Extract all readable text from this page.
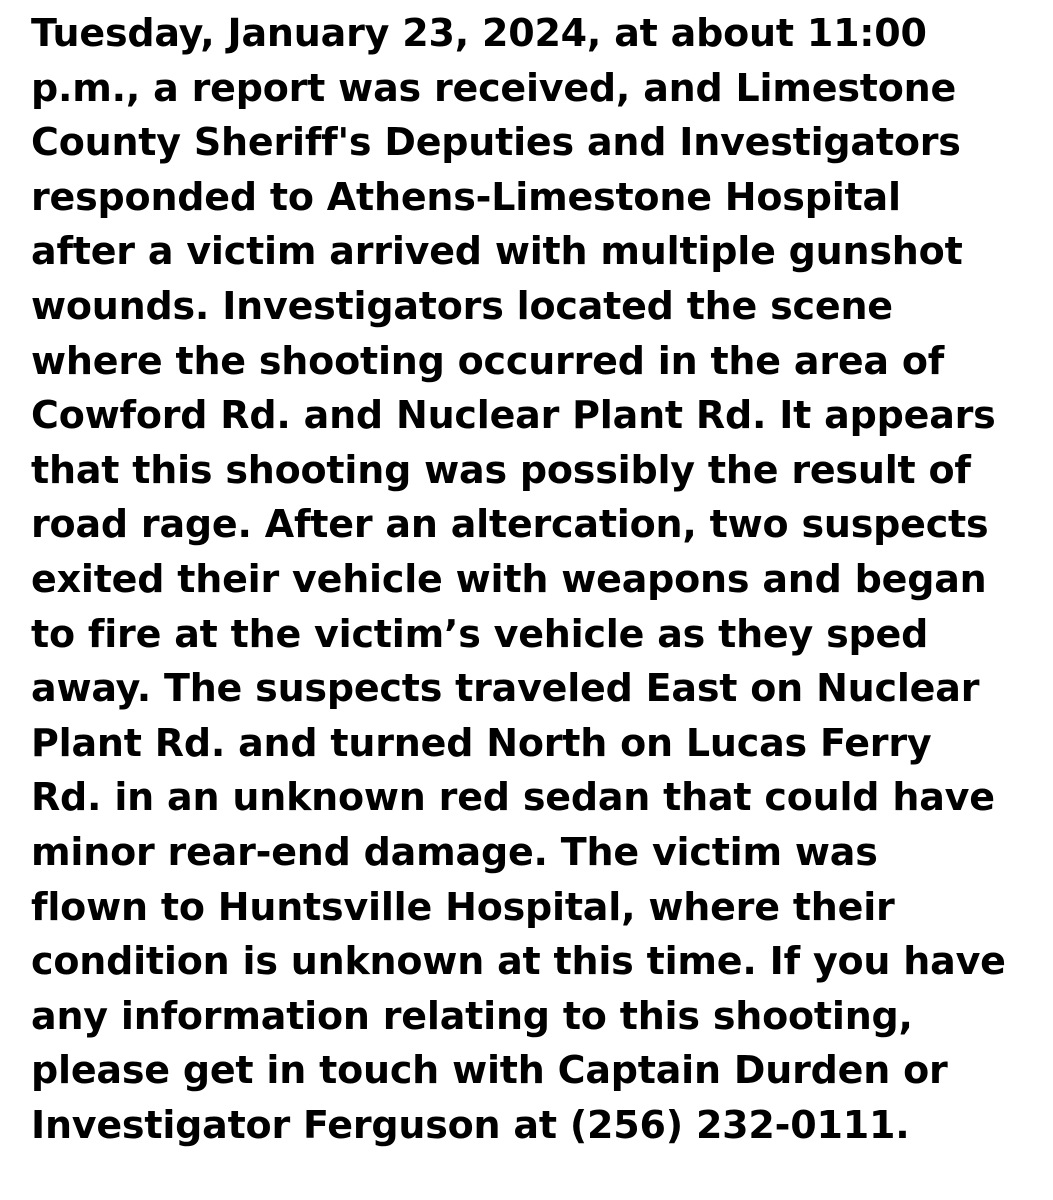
Tuesday, January 23, 2024, at about 11:00
p.m., a report was received, and Limestone
County Sheriff's Deputies and Investigators
responded to Athens-Limestone Hospital
after a victim arrived with multiple gunshot
wounds. Investigators located the scene
where the shooting occurred in the area of
Cowford Rd. and Nuclear Plant Rd. It appears
that this shooting was possibly the result of
road rage. After an altercation, two suspects
exited their vehicle with weapons and began
to fire at the victim’s vehicle as they sped
away. The suspects traveled East on Nuclear
Plant Rd. and turned North on Lucas Ferry
Rd. in an unknown red sedan that could have
minor rear-end damage. The victim was
flown to Huntsville Hospital, where their
condition is unknown at this time. If you have
any information relating to this shooting,
please get in touch with Captain Durden or
Investigator Ferguson at (256) 232-0111.
